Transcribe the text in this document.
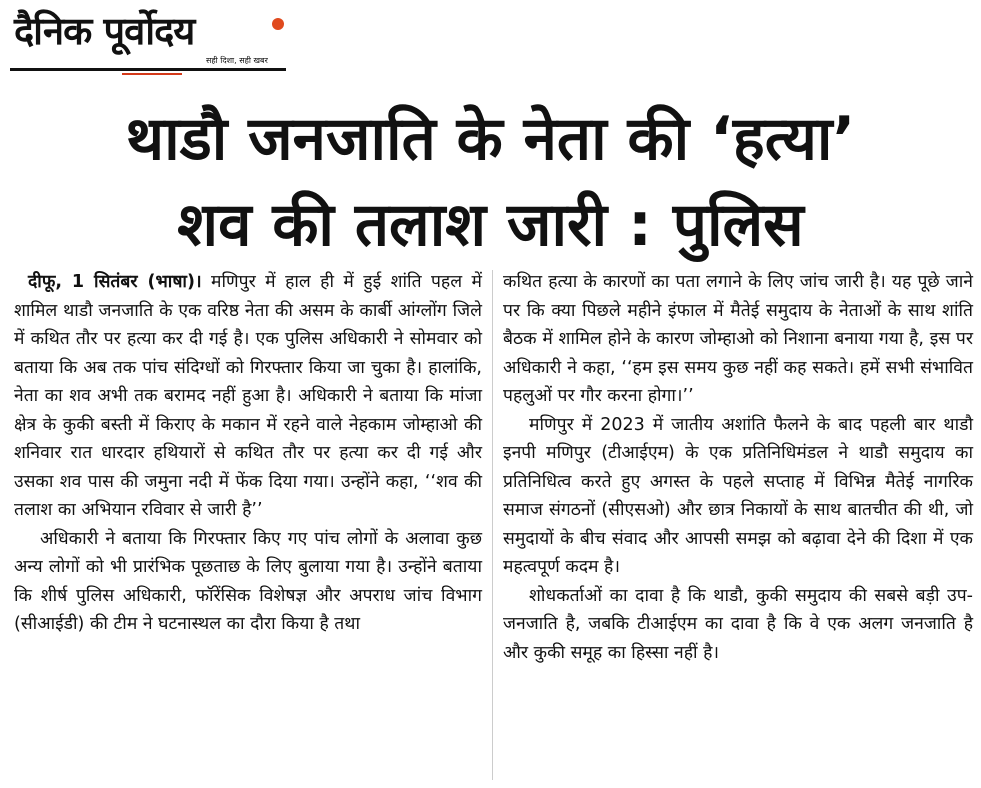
दैनिक पूर्वोदय
सही दिशा, सही खबर
थाडौ जनजाति के नेता की ‘हत्या’
शव की तलाश जारी : पुलिस

दीफू, 1 सितंबर (भाषा)। मणिपुर में हाल ही में हुई शांति पहल में शामिल थाडौ जनजाति के एक वरिष्ठ नेता की असम के कार्बी आंग्लोंग जिले में कथित तौर पर हत्या कर दी गई है। एक पुलिस अधिकारी ने सोमवार को बताया कि अब तक पांच संदिग्धों को गिरफ्तार किया जा चुका है। हालांकि, नेता का शव अभी तक बरामद नहीं हुआ है। अधिकारी ने बताया कि मांजा क्षेत्र के कुकी बस्ती में किराए के मकान में रहने वाले नेहकाम जोम्हाओ की शनिवार रात धारदार हथियारों से कथित तौर पर हत्या कर दी गई और उसका शव पास की जमुना नदी में फेंक दिया गया। उन्होंने कहा, ‘‘शव की तलाश का अभियान रविवार से जारी है’’

अधिकारी ने बताया कि गिरफ्तार किए गए पांच लोगों के अलावा कुछ अन्य लोगों को भी प्रारंभिक पूछताछ के लिए बुलाया गया है। उन्होंने बताया कि शीर्ष पुलिस अधिकारी, फॉरेंसिक विशेषज्ञ और अपराध जांच विभाग (सीआईडी) की टीम ने घटनास्थल का दौरा किया है तथा

कथित हत्या के कारणों का पता लगाने के लिए जांच जारी है। यह पूछे जाने पर कि क्या पिछले महीने इंफाल में मैतेई समुदाय के नेताओं के साथ शांति बैठक में शामिल होने के कारण जोम्हाओ को निशाना बनाया गया है, इस पर अधिकारी ने कहा, ‘‘हम इस समय कुछ नहीं कह सकते। हमें सभी संभावित पहलुओं पर गौर करना होगा।’’

मणिपुर में 2023 में जातीय अशांति फैलने के बाद पहली बार थाडौ इनपी मणिपुर (टीआईएम) के एक प्रतिनिधिमंडल ने थाडौ समुदाय का प्रतिनिधित्व करते हुए अगस्त के पहले सप्ताह में विभिन्न मैतेई नागरिक समाज संगठनों (सीएसओ) और छात्र निकायों के साथ बातचीत की थी, जो समुदायों के बीच संवाद और आपसी समझ को बढ़ावा देने की दिशा में एक महत्वपूर्ण कदम है।

शोधकर्ताओं का दावा है कि थाडौ, कुकी समुदाय की सबसे बड़ी उप-जनजाति है, जबकि टीआईएम का दावा है कि वे एक अलग जनजाति है और कुकी समूह का हिस्सा नहीं है।
